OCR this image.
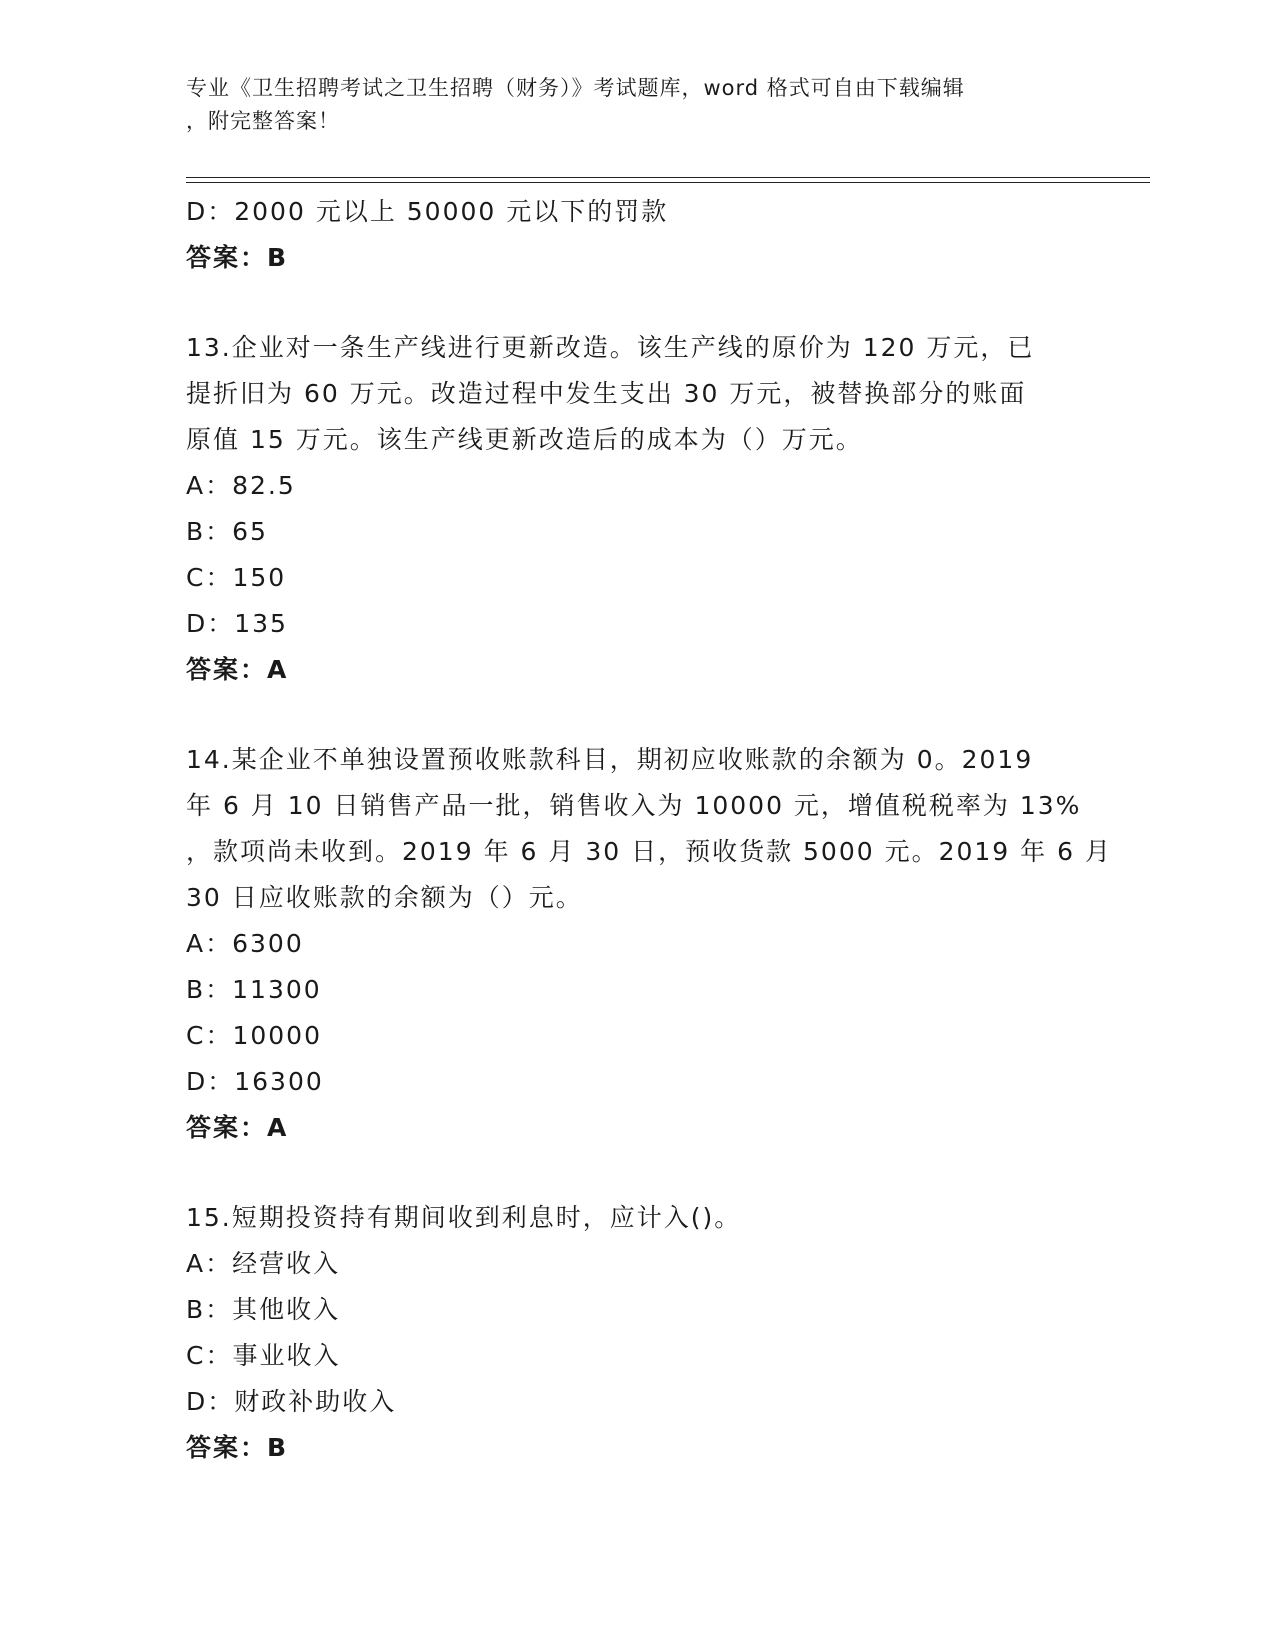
专业《卫生招聘考试之卫生招聘（财务）》考试题库，word 格式可自由下载编辑
，附完整答案！
D：2000 元以上 50000 元以下的罚款
答案：B
13.企业对一条生产线进行更新改造。该生产线的原价为 120 万元，已
提折旧为 60 万元。改造过程中发生支出 30 万元，被替换部分的账面
原值 15 万元。该生产线更新改造后的成本为（）万元。
A：82.5
B：65
C：150
D：135
答案：A
14.某企业不单独设置预收账款科目，期初应收账款的余额为 0。2019
年 6 月 10 日销售产品一批，销售收入为 10000 元，增值税税率为 13%
，款项尚未收到。2019 年 6 月 30 日，预收货款 5000 元。2019 年 6 月
30 日应收账款的余额为（）元。
A：6300
B：11300
C：10000
D：16300
答案：A
15.短期投资持有期间收到利息时，应计入()。
A：经营收入
B：其他收入
C：事业收入
D：财政补助收入
答案：B
